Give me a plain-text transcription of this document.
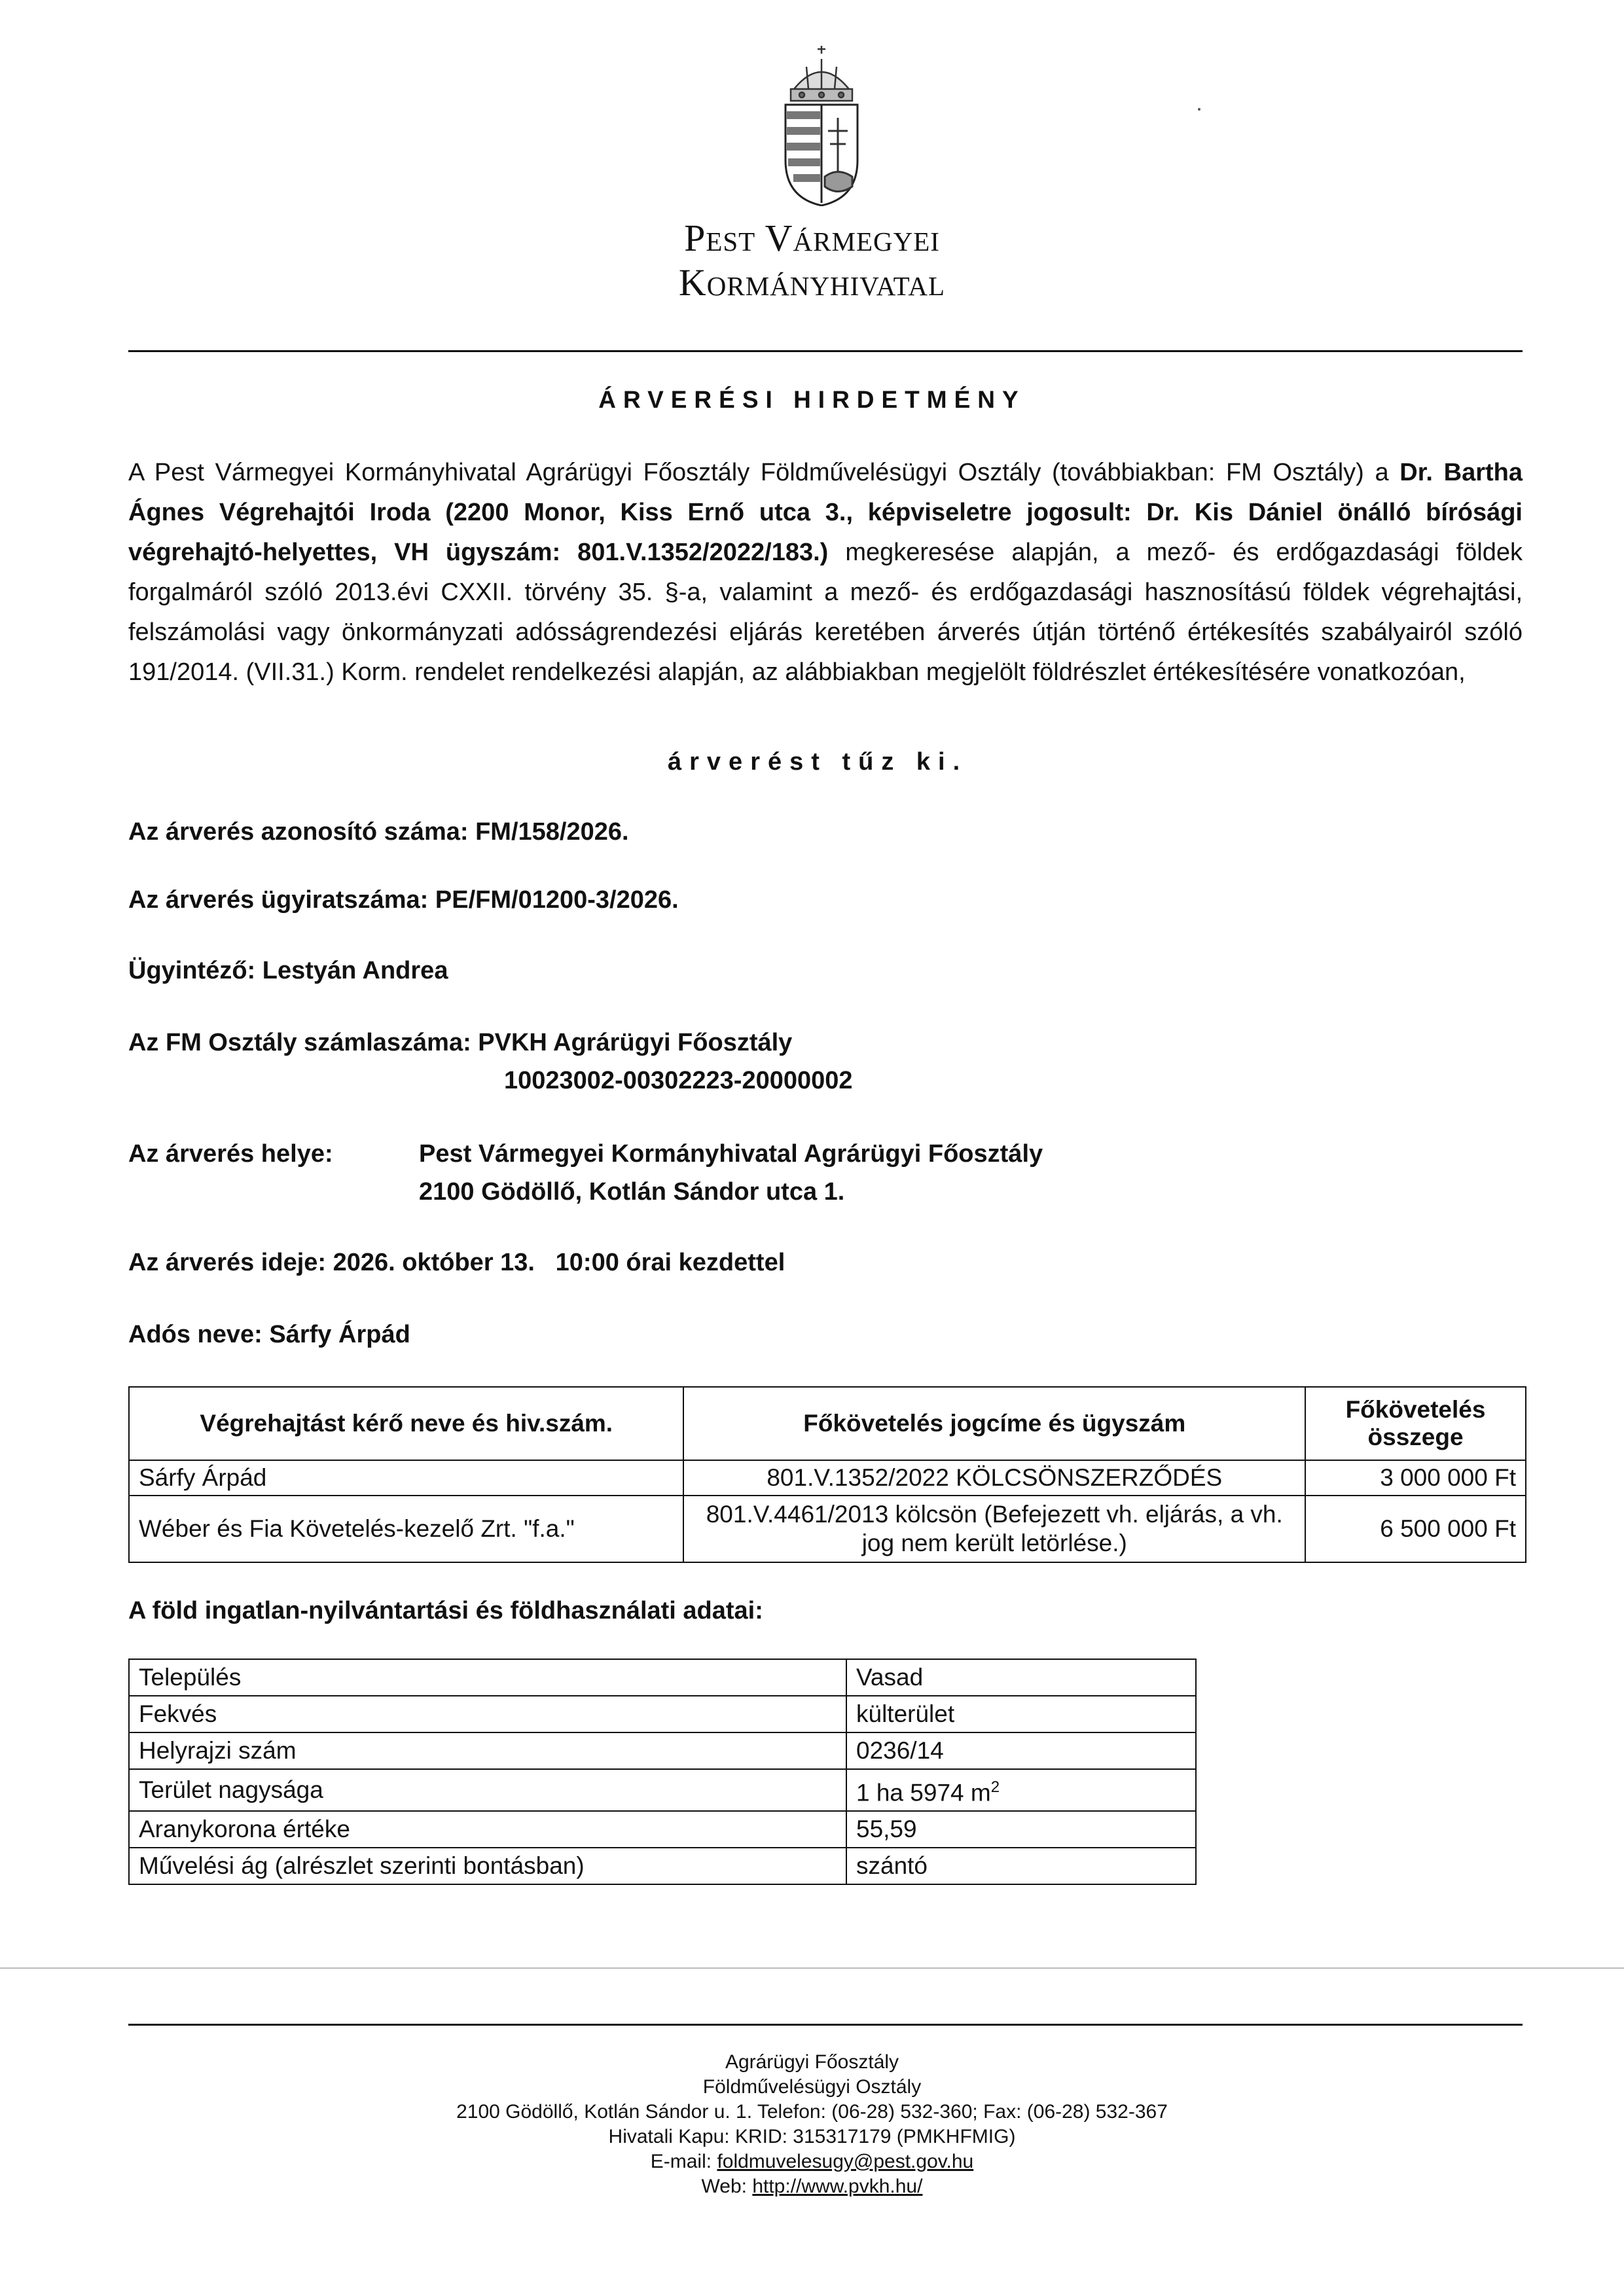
Pest Vármegyei
Kormányhivatal
ÁRVERÉSI HIRDETMÉNY
A Pest Vármegyei Kormányhivatal Agrárügyi Főosztály Földművelésügyi Osztály (továbbiakban: FM Osztály) a Dr. Bartha Ágnes Végrehajtói Iroda (2200 Monor, Kiss Ernő utca 3., képviseletre jogosult: Dr. Kis Dániel önálló bírósági végrehajtó-helyettes, VH ügyszám: 801.V.1352/2022/183.) megkeresése alapján, a mező- és erdőgazdasági földek forgalmáról szóló 2013.évi CXXII. törvény 35. §-a, valamint a mező- és erdőgazdasági hasznosítású földek végrehajtási, felszámolási vagy önkormányzati adósságrendezési eljárás keretében árverés útján történő értékesítés szabályairól szóló 191/2014. (VII.31.) Korm. rendelet rendelkezési alapján, az alábbiakban megjelölt földrészlet értékesítésére vonatkozóan,
árverést tűz ki.
Az árverés azonosító száma: FM/158/2026.
Az árverés ügyiratszáma: PE/FM/01200-3/2026.
Ügyintéző: Lestyán Andrea
Az FM Osztály számlaszáma: PVKH Agrárügyi Főosztály
10023002-00302223-20000002
Az árverés helye:	Pest Vármegyei Kormányhivatal Agrárügyi Főosztály
2100 Gödöllő, Kotlán Sándor utca 1.
Az árverés ideje: 2026. október 13.   10:00 órai kezdettel
Adós neve: Sárfy Árpád
Végrehajtást kérő neve és hiv.szám.	Főkövetelés jogcíme és ügyszám	Főkövetelés összege
Sárfy Árpád	801.V.1352/2022 KÖLCSÖNSZERZŐDÉS	3 000 000 Ft
Wéber és Fia Követelés-kezelő Zrt. "f.a."	801.V.4461/2013 kölcsön (Befejezett vh. eljárás, a vh. jog nem került letörlése.)	6 500 000 Ft
A föld ingatlan-nyilvántartási és földhasználati adatai:
Település	Vasad
Fekvés	külterület
Helyrajzi szám	0236/14
Terület nagysága	1 ha 5974 $m^2$
Aranykorona értéke	55,59
Művelési ág (alrészlet szerinti bontásban)	szántó
Agrárügyi Főosztály
Földművelésügyi Osztály
2100 Gödöllő, Kotlán Sándor u. 1. Telefon: (06-28) 532-360; Fax: (06-28) 532-367
Hivatali Kapu: KRID: 315317179 (PMKHFMIG)
E-mail: foldmuvelesugy@pest.gov.hu
Web: http://www.pvkh.hu/
